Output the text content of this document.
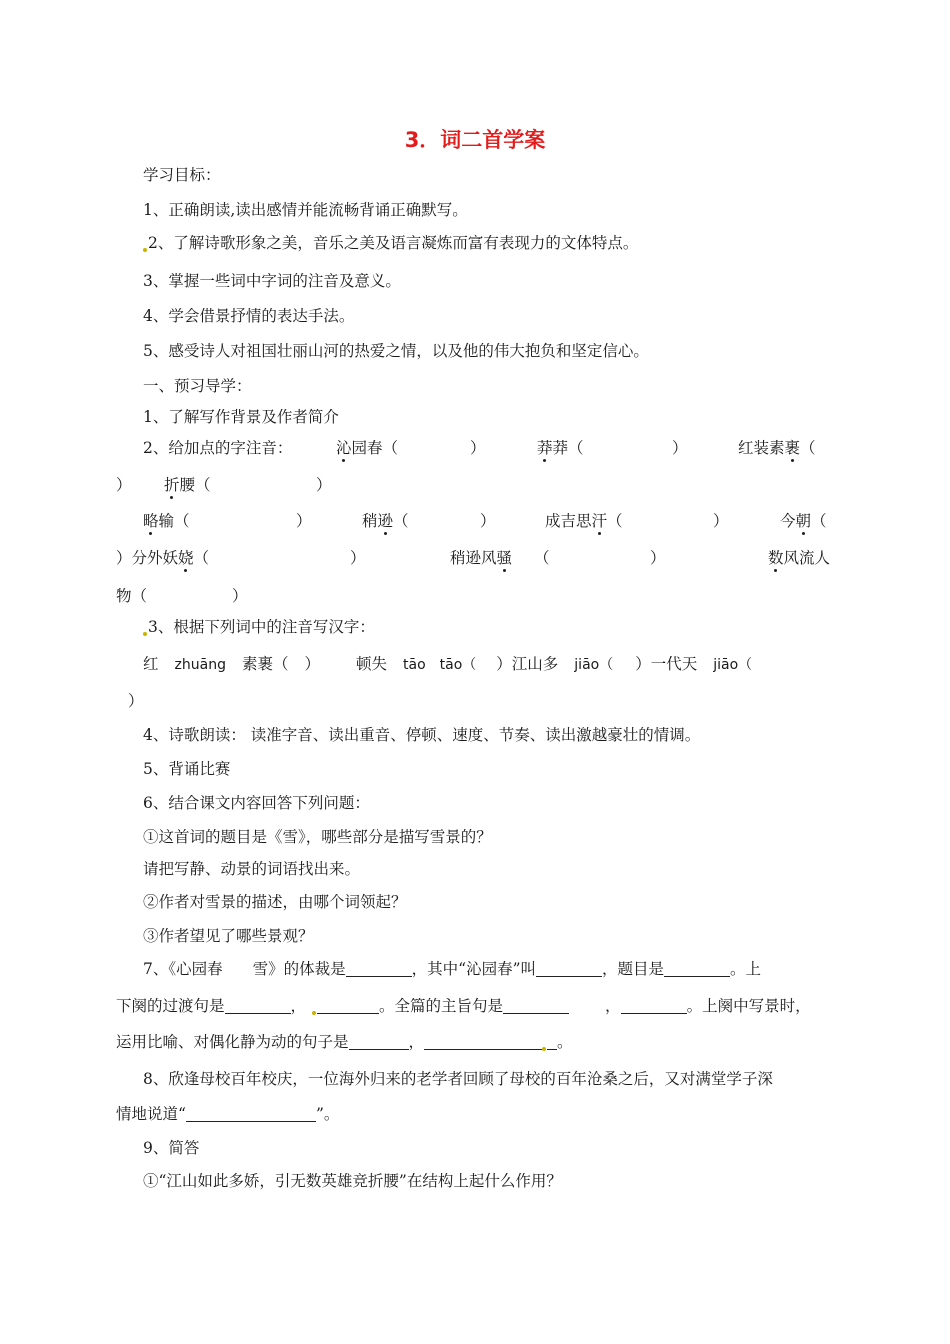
3．词二首学案
学习目标：
1、正确朗读,读出感情并能流畅背诵正确默写。
2、了解诗歌形象之美，音乐之美及语言凝炼而富有表现力的文体特点。
3、掌握一些词中字词的注音及意义。
4、学会借景抒情的表达手法。
5、感受诗人对祖国壮丽山河的热爱之情，以及他的伟大抱负和坚定信心。
一、预习导学：
1、了解写作背景及作者简介
2、给加点的字注音：	沁园春（	）	莽莽（	）	红装素裹（
） 折腰（	）
略输（	）	稍逊（	）	成吉思汗（	）	今朝（
）分外妖娆（	）	稍逊风骚 （	）	数风流人
物（	）
3、根据下列词中的注音写汉字：
红 zhuāng 素裹（ ） 顿失 tāo tāo（ ）江山多 jiāo（ ）一代天 jiāo（
）
4、诗歌朗读： 读准字音、读出重音、停顿、速度、节奏、读出激越豪壮的情调。
5、背诵比赛
6、结合课文内容回答下列问题：
①这首词的题目是《雪》，哪些部分是描写雪景的？
请把写静、动景的词语找出来。
②作者对雪景的描述，由哪个词领起？
③作者望见了哪些景观？
7、《心园春 雪》的体裁是	，其中“沁园春”叫	，题目是	。上
下阕的过渡句是	，	。全篇的主旨句是	，	。上阕中写景时，
运用比喻、对偶化静为动的句子是	，	。
8、欣逢母校百年校庆，一位海外归来的老学者回顾了母校的百年沧桑之后，又对满堂学子深
情地说道“	”。
9、简答
①“江山如此多娇，引无数英雄竞折腰”在结构上起什么作用？
